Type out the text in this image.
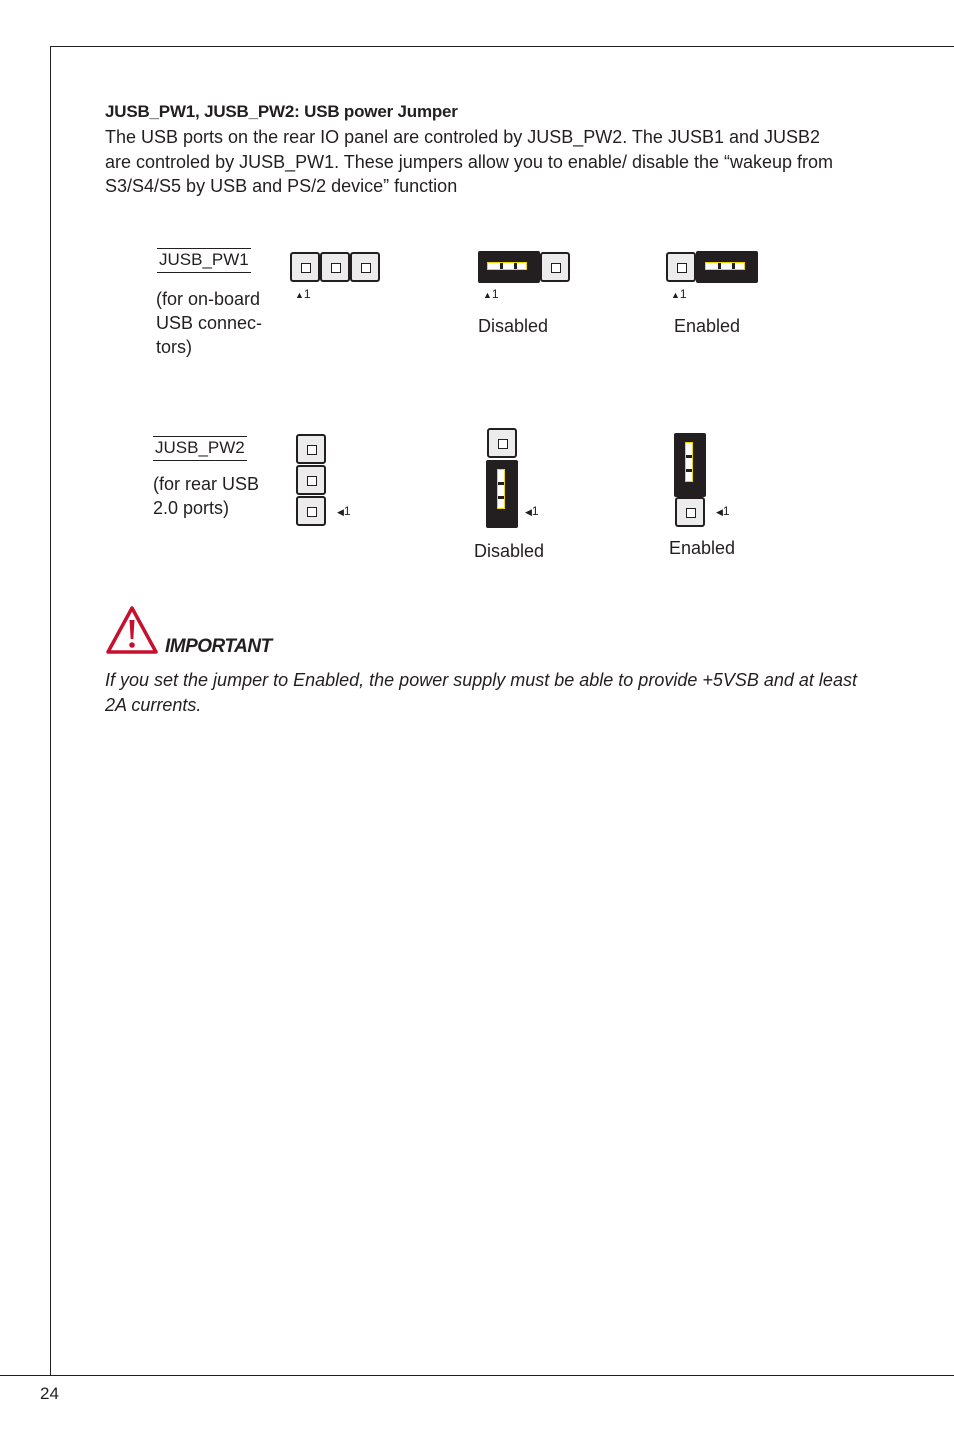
JUSB_PW1, JUSB_PW2: USB power Jumper
The USB ports on the rear IO panel are controled by JUSB_PW2. The JUSB1 and JUSB2 are controled by JUSB_PW1. These jumpers allow you to enable/ disable the “wakeup from S3/S4/S5 by USB and PS/2 device” function
JUSB_PW1
(for on-board USB connec-tors)
▲1	▲1
Disabled
▲1
Enabled
JUSB_PW2
(for rear USB 2.0 ports)	◀1	◀1
Disabled
◀1
Enabled
IMPORTANT
If you set the jumper to Enabled, the power supply must be able to provide +5VSB and at least 2A currents.
24
